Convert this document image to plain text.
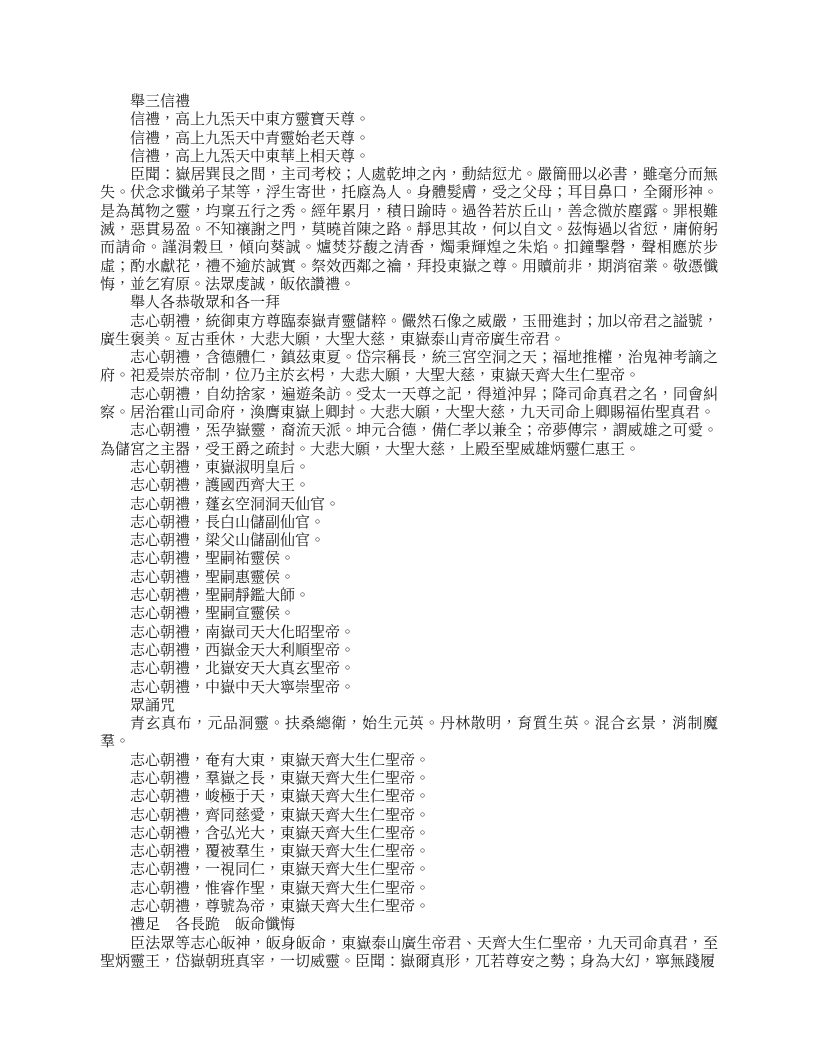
舉三信禮

信禮，高上九炁天中東方靈寶天尊。

信禮，高上九炁天中青靈始老天尊。

信禮，高上九炁天中東華上相天尊。

臣聞：嶽居巽艮之間，主司考校；人處乾坤之內，動結愆尤。嚴簡冊以必書，雖毫分而無失。伏念求懺弟子某等，浮生寄世，托廕為人。身體髮膚，受之父母；耳目鼻口，全爾形神。是為萬物之靈，均稟五行之秀。經年累月，積日踰時。過咎若於丘山，善念微於塵露。罪根難滅，惡貫易盈。不知禳謝之門，莫曉首陳之路。靜思其故，何以自文。茲悔過以省愆，庸俯躬而請命。謹涓穀旦，傾向葵誠。爐焚芬馥之清香，燭秉輝煌之朱焰。扣鐘擊磬，聲相應於步虛；酌水獻花，禮不逾於誠實。祭效西鄰之禴，拜投東嶽之尊。用贖前非，期消宿業。敬憑懺悔，並乞宥原。法眾虔誠，皈依讚禮。

舉人各恭敬眾和各一拜

志心朝禮，統御東方尊臨泰嶽青靈儲粹。儼然石像之威嚴，玉冊進封；加以帝君之謚號，廣生褒美。亙古垂休，大悲大願，大聖大慈，東嶽泰山青帝廣生帝君。

志心朝禮，含德體仁，鎮茲東夏。岱宗稱長，統三宮空洞之天；福地推權，治鬼神考謫之府。祀爰崇於帝制，位乃主於玄枵，大悲大願，大聖大慈，東嶽天齊大生仁聖帝。

志心朝禮，自幼捨家，遍遊条訪。受太一天尊之記，得道沖昇；降司命真君之名，同會糾察。居治霍山司命府，渙膺東嶽上卿封。大悲大願，大聖大慈，九天司命上卿賜福佑聖真君。

志心朝禮，炁孕嶽靈，裔流天派。坤元合德，備仁孝以兼全；帝夢傳宗，謂威雄之可愛。為儲宮之主器，受王爵之疏封。大悲大願，大聖大慈，上殿至聖威雄炳靈仁惠王。

志心朝禮，東嶽淑明皇后。

志心朝禮，護國西齊大王。

志心朝禮，蓬玄空洞洞天仙官。

志心朝禮，長白山儲副仙官。

志心朝禮，梁父山儲副仙官。

志心朝禮，聖嗣祐靈侯。

志心朝禮，聖嗣惠靈侯。

志心朝禮，聖嗣靜鑑大師。

志心朝禮，聖嗣宣靈侯。

志心朝禮，南嶽司天大化昭聖帝。

志心朝禮，西嶽金天大利順聖帝。

志心朝禮，北嶽安天大真玄聖帝。

志心朝禮，中嶽中天大寧崇聖帝。

眾誦咒

青玄真布，元品洞靈。扶桑總衛，始生元英。丹林散明，育質生英。混合玄景，消制魔羣。

志心朝禮，奄有大東，東嶽天齊大生仁聖帝。

志心朝禮，羣嶽之長，東嶽天齊大生仁聖帝。

志心朝禮，峻極于天，東嶽天齊大生仁聖帝。

志心朝禮，齊同慈愛，東嶽天齊大生仁聖帝。

志心朝禮，含弘光大，東嶽天齊大生仁聖帝。

志心朝禮，覆被羣生，東嶽天齊大生仁聖帝。

志心朝禮，一視同仁，東嶽天齊大生仁聖帝。

志心朝禮，惟睿作聖，東嶽天齊大生仁聖帝。

志心朝禮，尊號為帝，東嶽天齊大生仁聖帝。

禮足　各長跪　皈命懺悔

臣法眾等志心皈神，皈身皈命，東嶽泰山廣生帝君、天齊大生仁聖帝，九天司命真君，至聖炳靈王，岱嶽朝班真宰，一切威靈。臣聞：嶽爾真形，兀若尊安之勢；身為大幻，寧無踐履
